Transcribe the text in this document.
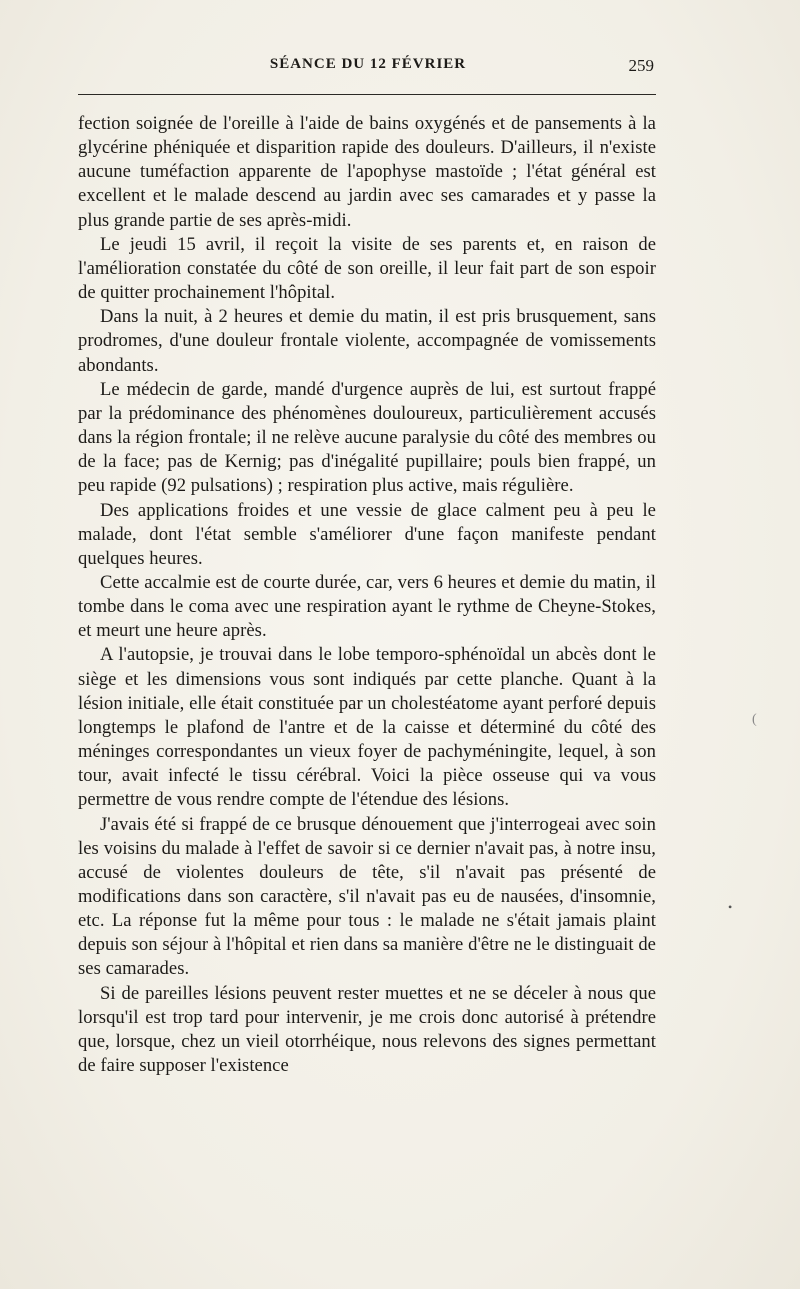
SÉANCE DU 12 FÉVRIER	259

fection soignée de l'oreille à l'aide de bains oxygénés et de pansements à la glycérine phéniquée et disparition rapide des douleurs. D'ailleurs, il n'existe aucune tuméfaction apparente de l'apophyse mastoïde ; l'état général est excellent et le malade descend au jardin avec ses camarades et y passe la plus grande partie de ses après-midi.

Le jeudi 15 avril, il reçoit la visite de ses parents et, en raison de l'amélioration constatée du côté de son oreille, il leur fait part de son espoir de quitter prochainement l'hôpital.

Dans la nuit, à 2 heures et demie du matin, il est pris brusquement, sans prodromes, d'une douleur frontale violente, accompagnée de vomissements abondants.

Le médecin de garde, mandé d'urgence auprès de lui, est surtout frappé par la prédominance des phénomènes douloureux, particulièrement accusés dans la région frontale; il ne relève aucune paralysie du côté des membres ou de la face; pas de Kernig; pas d'inégalité pupillaire; pouls bien frappé, un peu rapide (92 pulsations) ; respiration plus active, mais régulière.

Des applications froides et une vessie de glace calment peu à peu le malade, dont l'état semble s'améliorer d'une façon manifeste pendant quelques heures.

Cette accalmie est de courte durée, car, vers 6 heures et demie du matin, il tombe dans le coma avec une respiration ayant le rythme de Cheyne-Stokes, et meurt une heure après.

A l'autopsie, je trouvai dans le lobe temporo-sphénoïdal un abcès dont le siège et les dimensions vous sont indiqués par cette planche. Quant à la lésion initiale, elle était constituée par un cholestéatome ayant perforé depuis longtemps le plafond de l'antre et de la caisse et déterminé du côté des méninges correspondantes un vieux foyer de pachyméningite, lequel, à son tour, avait infecté le tissu cérébral. Voici la pièce osseuse qui va vous permettre de vous rendre compte de l'étendue des lésions.

J'avais été si frappé de ce brusque dénouement que j'interrogeai avec soin les voisins du malade à l'effet de savoir si ce dernier n'avait pas, à notre insu, accusé de violentes douleurs de tête, s'il n'avait pas présenté de modifications dans son caractère, s'il n'avait pas eu de nausées, d'insomnie, etc. La réponse fut la même pour tous : le malade ne s'était jamais plaint depuis son séjour à l'hôpital et rien dans sa manière d'être ne le distinguait de ses camarades.

Si de pareilles lésions peuvent rester muettes et ne se déceler à nous que lorsqu'il est trop tard pour intervenir, je me crois donc autorisé à prétendre que, lorsque, chez un vieil otorrhéique, nous relevons des signes permettant de faire supposer l'existence

•
(
